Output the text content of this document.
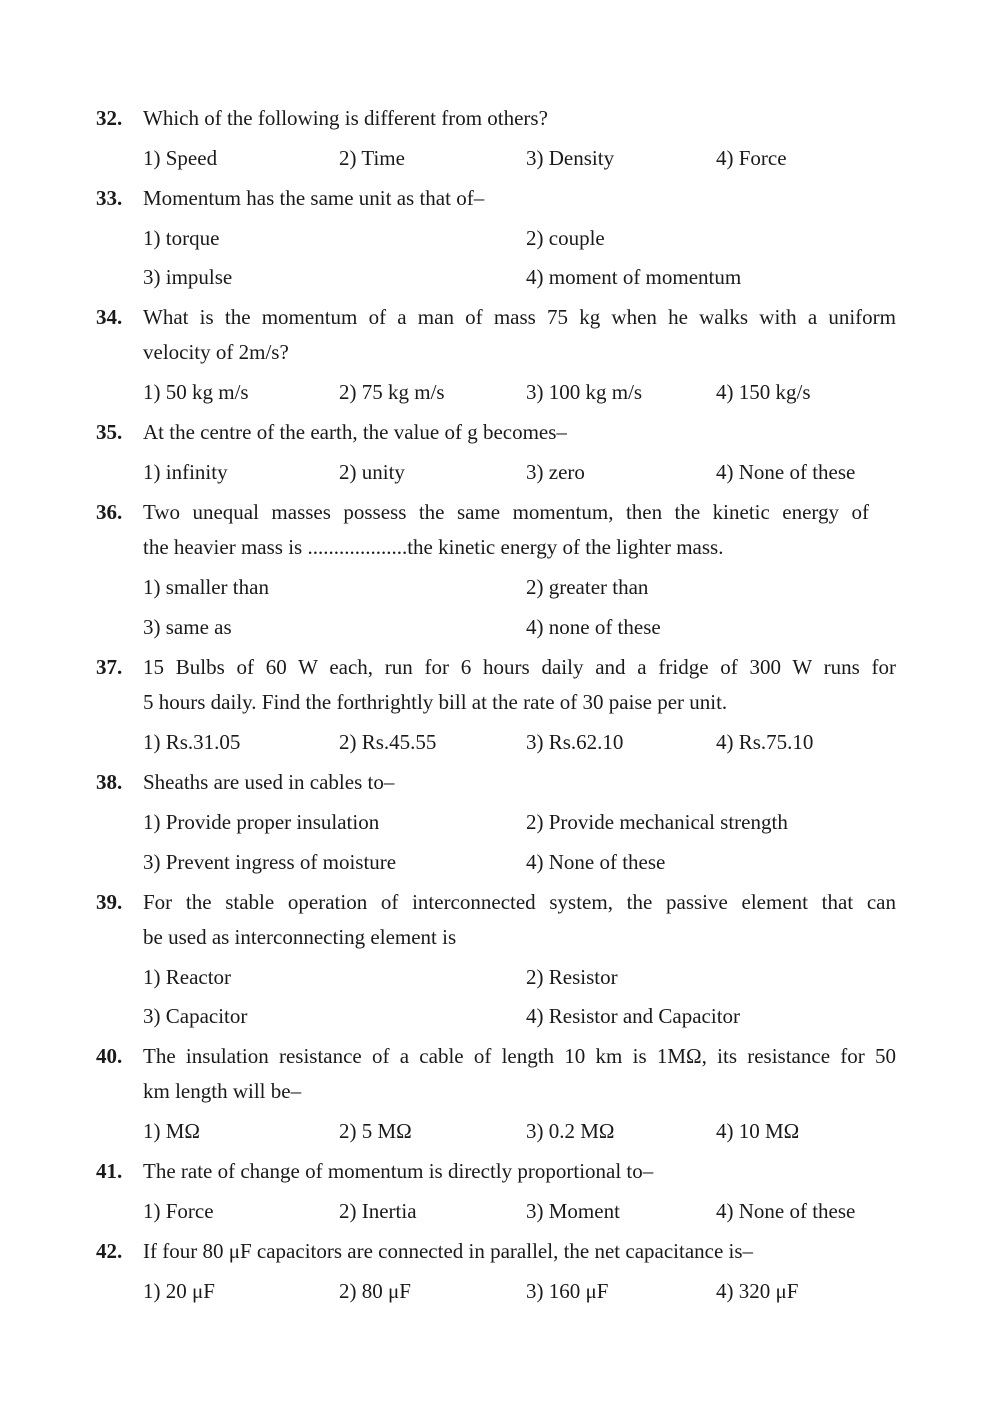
32. Which of the following is different from others?
1) Speed	2) Time	3) Density	4) Force
33. Momentum has the same unit as that of–
1) torque	2) couple
3) impulse	4) moment of momentum
34. What is the momentum of a man of mass 75 kg when he walks with a uniform
velocity of 2m/s?
1) 50 kg m/s	2) 75 kg m/s	3) 100 kg m/s	4) 150 kg/s
35. At the centre of the earth, the value of g becomes–
1) infinity	2) unity	3) zero	4) None of these
36. Two unequal masses possess the same momentum, then the kinetic energy of
the heavier mass is ...................the kinetic energy of the lighter mass.
1) smaller than	2) greater than
3) same as	4) none of these
37. 15 Bulbs of 60 W each, run for 6 hours daily and a fridge of 300 W runs for
5 hours daily. Find the forthrightly bill at the rate of 30 paise per unit.
1) Rs.31.05	2) Rs.45.55	3) Rs.62.10	4) Rs.75.10
38. Sheaths are used in cables to–
1) Provide proper insulation	2) Provide mechanical strength
3) Prevent ingress of moisture	4) None of these
39. For the stable operation of interconnected system, the passive element that can
be used as interconnecting element is
1) Reactor	2) Resistor
3) Capacitor	4) Resistor and Capacitor
40. The insulation resistance of a cable of length 10 km is 1MΩ, its resistance for 50
km length will be–
1) MΩ	2) 5 MΩ	3) 0.2 MΩ	4) 10 MΩ
41. The rate of change of momentum is directly proportional to–
1) Force	2) Inertia	3) Moment	4) None of these
42. If four 80 μF capacitors are connected in parallel, the net capacitance is–
1) 20 μF	2) 80 μF	3) 160 μF	4) 320 μF
